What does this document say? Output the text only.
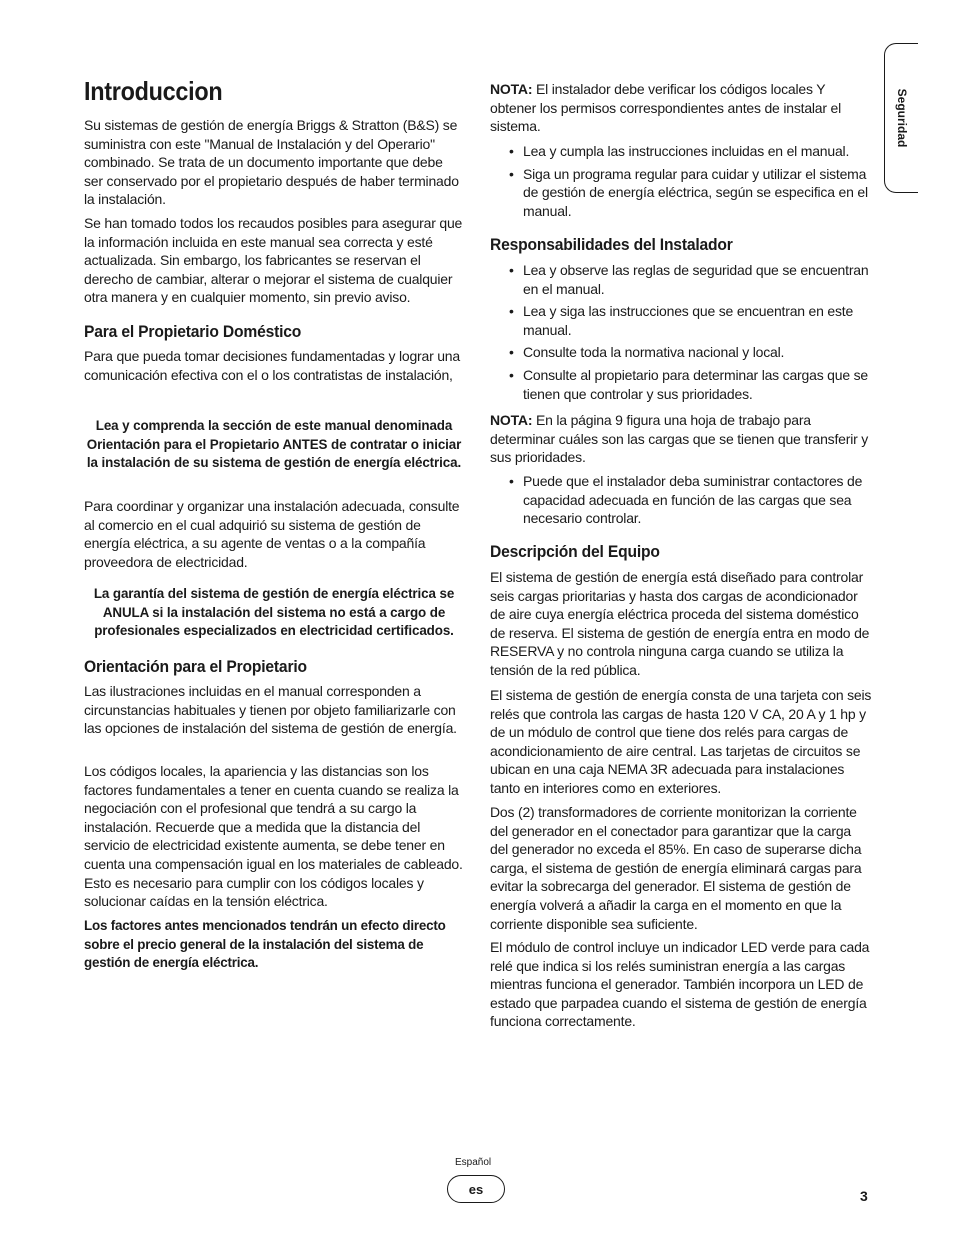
Introduccion	Seguridad

Su sistemas de gestión de energía Briggs & Stratton (B&S) se suministra con este "Manual de Instalación y del Operario" combinado. Se trata de un documento importante que debe ser conservado por el propietario después de haber terminado la instalación.

Se han tomado todos los recaudos posibles para asegurar que la información incluida en este manual sea correcta y esté actualizada. Sin embargo, los fabricantes se reservan el derecho de cambiar, alterar o mejorar el sistema de cualquier otra manera y en cualquier momento, sin previo aviso.

Para el Propietario Doméstico

Para que pueda tomar decisiones fundamentadas y lograr una comunicación efectiva con el o los contratistas de instalación,

Lea y comprenda la sección de este manual denominada Orientación para el Propietario ANTES de contratar o iniciar la instalación de su sistema de gestión de energía eléctrica.

Para coordinar y organizar una instalación adecuada, consulte al comercio en el cual adquirió su sistema de gestión de energía eléctrica, a su agente de ventas o a la compañía proveedora de electricidad.

La garantía del sistema de gestión de energía eléctrica se ANULA si la instalación del sistema no está a cargo de profesionales especializados en electricidad certificados.

Orientación para el Propietario

Las ilustraciones incluidas en el manual corresponden a circunstancias habituales y tienen por objeto familiarizarle con las opciones de instalación del sistema de gestión de energía.

Los códigos locales, la apariencia y las distancias son los factores fundamentales a tener en cuenta cuando se realiza la negociación con el profesional que tendrá a su cargo la instalación. Recuerde que a medida que la distancia del servicio de electricidad existente aumenta, se debe tener en cuenta una compensación igual en los materiales de cableado. Esto es necesario para cumplir con los códigos locales y solucionar caídas en la tensión eléctrica.

Los factores antes mencionados tendrán un efecto directo sobre el precio general de la instalación del sistema de gestión de energía eléctrica.

NOTA: El instalador debe verificar los códigos locales Y obtener los permisos correspondientes antes de instalar el sistema.

• Lea y cumpla las instrucciones incluidas en el manual.
• Siga un programa regular para cuidar y utilizar el sistema de gestión de energía eléctrica, según se especifica en el manual.
Responsabilidades del Instalador
• Lea y observe las reglas de seguridad que se encuentran en el manual.
• Lea y siga las instrucciones que se encuentran en este manual.
• Consulte toda la normativa nacional y local.
• Consulte al propietario para determinar las cargas que se tienen que controlar y sus prioridades.

NOTA: En la página 9 figura una hoja de trabajo para determinar cuáles son las cargas que se tienen que transferir y sus prioridades.

• Puede que el instalador deba suministrar contactores de capacidad adecuada en función de las cargas que sea necesario controlar.
Descripción del Equipo

El sistema de gestión de energía está diseñado para controlar seis cargas prioritarias y hasta dos cargas de acondicionador de aire cuya energía eléctrica proceda del sistema doméstico de reserva. El sistema de gestión de energía entra en modo de RESERVA y no controla ninguna carga cuando se utiliza la tensión de la red pública.

El sistema de gestión de energía consta de una tarjeta con seis relés que controla las cargas de hasta 120 V CA, 20 A y 1 hp y de un módulo de control que tiene dos relés para cargas de acondicionamiento de aire central. Las tarjetas de circuitos se ubican en una caja NEMA 3R adecuada para instalaciones tanto en interiores como en exteriores.

Dos (2) transformadores de corriente monitorizan la corriente del generador en el conectador para garantizar que la carga del generador no exceda el 85%. En caso de superarse dicha carga, el sistema de gestión de energía eliminará cargas para evitar la sobrecarga del generador. El sistema de gestión de energía volverá a añadir la carga en el momento en que la corriente disponible sea suficiente.

El módulo de control incluye un indicador LED verde para cada relé que indica si los relés suministran energía a las cargas mientras funciona el generador. También incorpora un LED de estado que parpadea cuando el sistema de gestión de energía funciona correctamente.

Español
es	3
